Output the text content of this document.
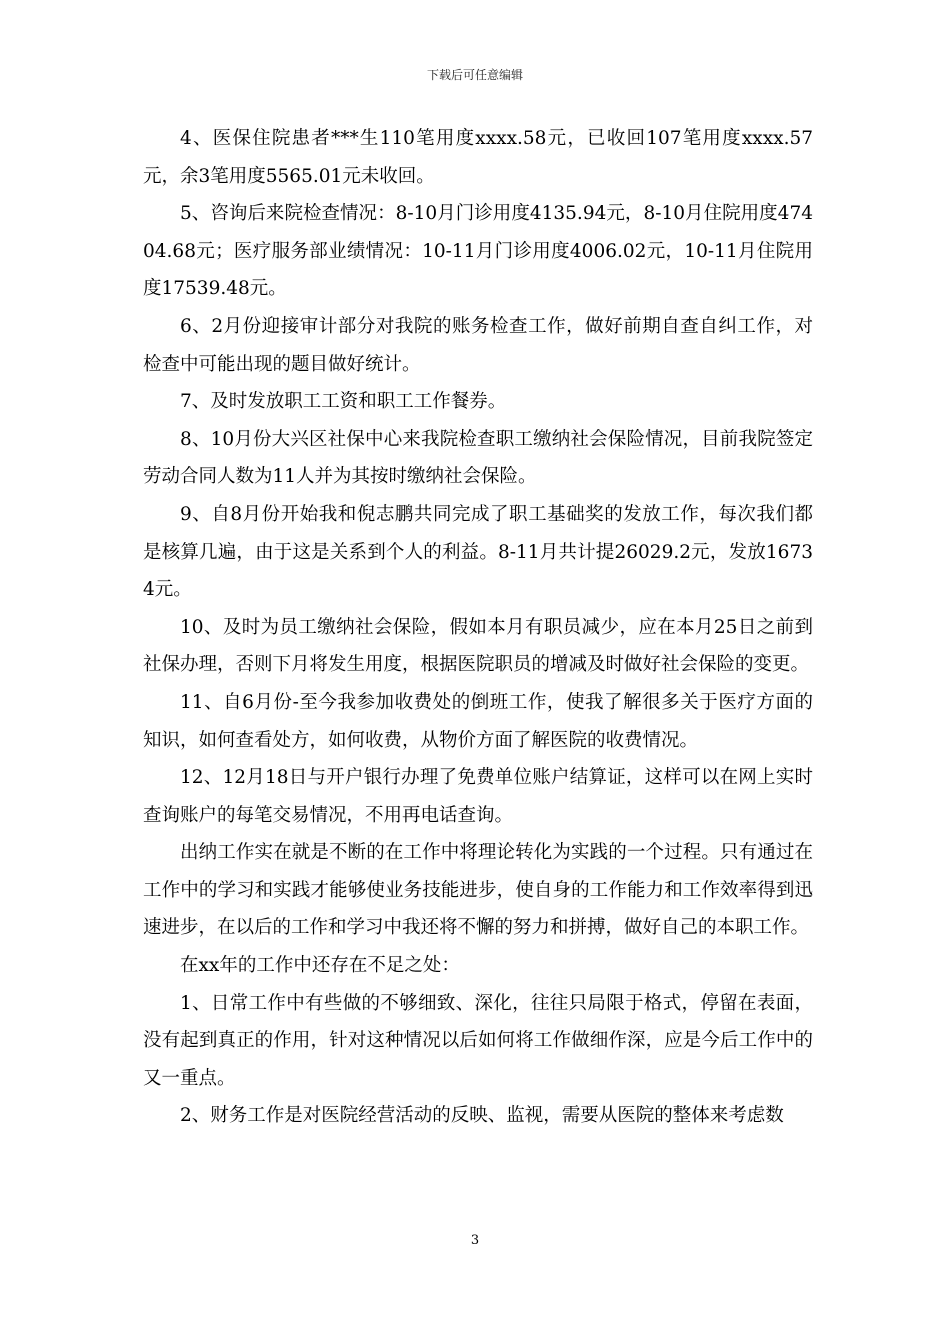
下载后可任意编辑

4、医保住院患者***生110笔用度xxxx.58元，已收回107笔用度xxxx.57元，余3笔用度5565.01元未收回。

5、咨询后来院检查情况：8-10月门诊用度4135.94元，8-10月住院用度47404.68元；医疗服务部业绩情况：10-11月门诊用度4006.02元，10-11月住院用度17539.48元。

6、2月份迎接审计部分对我院的账务检查工作，做好前期自查自纠工作，对检查中可能出现的题目做好统计。

7、及时发放职工工资和职工工作餐券。

8、10月份大兴区社保中心来我院检查职工缴纳社会保险情况，目前我院签定劳动合同人数为11人并为其按时缴纳社会保险。

9、自8月份开始我和倪志鹏共同完成了职工基础奖的发放工作，每次我们都是核算几遍，由于这是关系到个人的利益。8-11月共计提26029.2元，发放16734元。

10、及时为员工缴纳社会保险，假如本月有职员减少，应在本月25日之前到社保办理，否则下月将发生用度，根据医院职员的增减及时做好社会保险的变更。

11、自6月份-至今我参加收费处的倒班工作，使我了解很多关于医疗方面的知识，如何查看处方，如何收费，从物价方面了解医院的收费情况。

12、12月18日与开户银行办理了免费单位账户结算证，这样可以在网上实时查询账户的每笔交易情况，不用再电话查询。

出纳工作实在就是不断的在工作中将理论转化为实践的一个过程。只有通过在工作中的学习和实践才能够使业务技能进步，使自身的工作能力和工作效率得到迅速进步，在以后的工作和学习中我还将不懈的努力和拼搏，做好自己的本职工作。

在xx年的工作中还存在不足之处：

1、日常工作中有些做的不够细致、深化，往往只局限于格式，停留在表面，没有起到真正的作用，针对这种情况以后如何将工作做细作深，应是今后工作中的又一重点。

2、财务工作是对医院经营活动的反映、监视，需要从医院的整体来考虑数

3
